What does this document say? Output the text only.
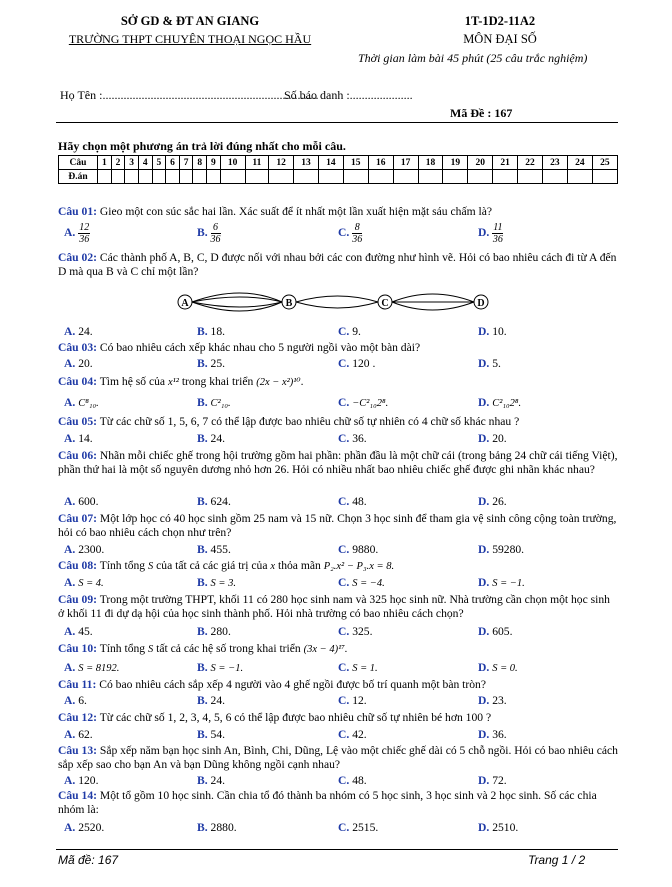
SỞ GD & ĐT AN GIANG
TRƯỜNG THPT CHUYÊN THOẠI NGỌC HẦU
1T-1D2-11A2
MÔN ĐẠI SỐ
Thời gian làm bài 45 phút (25 câu trắc nghiệm)
Họ Tên :........................................................................
Số báo danh :.....................
Mã Đề : 167
Hãy chọn một phương án trả lời đúng nhất cho mỗi câu.
Câu	1	2	3	4	5	6	7	8	9	10	11	12	13	14	15	16	17	18	19	20	21	22	23	24	25
Đ.án																									
Câu 01: Gieo một con súc sắc hai lần. Xác suất để ít nhất một lần xuất hiện mặt sáu chấm là?
A. $\frac{12}{36}$	B. $\frac{6}{36}$	C. $\frac{8}{36}$	D. $\frac{11}{36}$
Câu 02: Các thành phố A, B, C, D được nối với nhau bởi các con đường như hình vẽ. Hỏi có bao nhiêu cách đi từ A đến D mà qua B và C chỉ một lần?
A	B	C	D
A. 24.	B. 18.	C. 9.	D. 10.
Câu 03: Có bao nhiêu cách xếp khác nhau cho 5 người ngồi vào một bàn dài?
A. 20.	B. 25.	C. 120 .	D. 5.
Câu 04: Tìm hệ số của x¹² trong khai triển (2x − x²)¹⁰.
A. C⁸₁₀.	B. C²₁₀.	C. −C²₁₀2⁸.	D. C²₁₀2⁸.
Câu 05: Từ các chữ số 1, 5, 6, 7 có thể lập được bao nhiêu chữ số tự nhiên có 4 chữ số khác nhau ?
A. 14.	B. 24.	C. 36.	D. 20.
Câu 06: Nhãn mỗi chiếc ghế trong hội trường gồm hai phần: phần đầu là một chữ cái (trong bảng 24 chữ cái tiếng Việt), phần thứ hai là một số nguyên dương nhỏ hơn 26. Hỏi có nhiều nhất bao nhiêu chiếc ghế được ghi nhãn khác nhau?
A. 600.	B. 624.	C. 48.	D. 26.
Câu 07: Một lớp học có 40 học sinh gồm 25 nam và 15 nữ. Chọn 3 học sinh để tham gia vệ sinh công cộng toàn trường, hỏi có bao nhiêu cách chọn như trên?
A. 2300.	B. 455.	C. 9880.	D. 59280.
Câu 08: Tính tổng S của tất cả các giá trị của x thỏa mãn P₂.x² − P₃.x = 8.
A. S = 4.	B. S = 3.	C. S = −4.	D. S = −1.
Câu 09: Trong một trường THPT, khối 11 có 280 học sinh nam và 325 học sinh nữ. Nhà trường cần chọn một học sinh ở khối 11 đi dự dạ hội của học sinh thành phố. Hỏi nhà trường có bao nhiêu cách chọn?
A. 45.	B. 280.	C. 325.	D. 605.
Câu 10: Tính tổng S tất cả các hệ số trong khai triển (3x − 4)¹⁷.
A. S = 8192.	B. S = −1.	C. S = 1.	D. S = 0.
Câu 11: Có bao nhiêu cách sắp xếp 4 người vào 4 ghế ngồi được bố trí quanh một bàn tròn?
A. 6.	B. 24.	C. 12.	D. 23.
Câu 12: Từ các chữ số 1, 2, 3, 4, 5, 6 có thể lập được bao nhiêu chữ số tự nhiên bé hơn 100 ?
A. 62.	B. 54.	C. 42.	D. 36.
Câu 13: Sắp xếp năm bạn học sinh An, Bình, Chi, Dũng, Lệ vào một chiếc ghế dài có 5 chỗ ngồi. Hỏi có bao nhiêu cách sắp xếp sao cho bạn An và bạn Dũng không ngồi cạnh nhau?
A. 120.	B. 24.	C. 48.	D. 72.
Câu 14: Một tổ gồm 10 học sinh. Cần chia tổ đó thành ba nhóm có 5 học sinh, 3 học sinh và 2 học sinh. Số các chia nhóm là:
A. 2520.	B. 2880.	C. 2515.	D. 2510.
Mã đề: 167	Trang 1 / 2
